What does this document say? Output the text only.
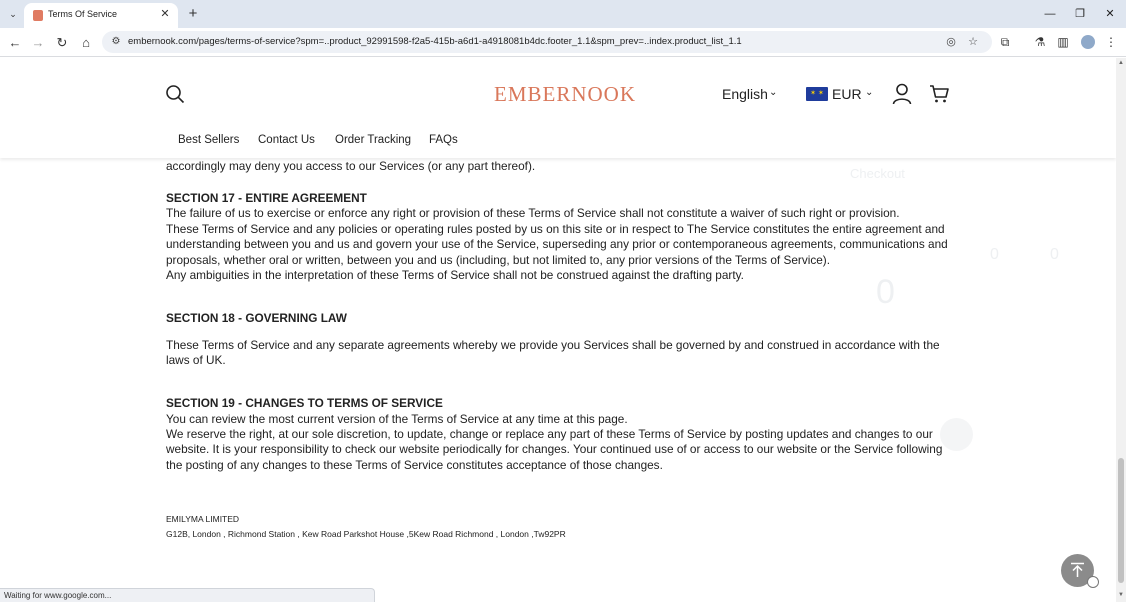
⌄	Terms Of Service	✕	+	—	❐	✕
← → ↻	⌂	⚙ embernook.com/pages/terms-of-service?spm=..product_92991598-f2a5-415b-a6d1-a4918081b4dc.footer_1.1&spm_prev=..index.product_list_1.1	◎ ☆	⧉	⚗ ▥	⋮
0
0	0
Checkout
accordingly may deny you access to our Services (or any part thereof).
SECTION 17 - ENTIRE AGREEMENT
The failure of us to exercise or enforce any right or provision of these Terms of Service shall not constitute a waiver of such right or provision.
These Terms of Service and any policies or operating rules posted by us on this site or in respect to The Service constitutes the entire agreement and
understanding between you and us and govern your use of the Service, superseding any prior or contemporaneous agreements, communications and
proposals, whether oral or written, between you and us (including, but not limited to, any prior versions of the Terms of Service).
Any ambiguities in the interpretation of these Terms of Service shall not be construed against the drafting party.
SECTION 18 - GOVERNING LAW
These Terms of Service and any separate agreements whereby we provide you Services shall be governed by and construed in accordance with the
laws of UK.
SECTION 19 - CHANGES TO TERMS OF SERVICE
You can review the most current version of the Terms of Service at any time at this page.
We reserve the right, at our sole discretion, to update, change or replace any part of these Terms of Service by posting updates and changes to our
website. It is your responsibility to check our website periodically for changes. Your continued use of or access to our website or the Service following
the posting of any changes to these Terms of Service constitutes acceptance of those changes.
EMILYMA LIMITED
G12B, London , Richmond Station , Kew Road Parkshot House ,5Kew Road Richmond , London ,Tw92PR
EMBERNOOK	English ⌄	✶ ✶ EUR ⌄
Best Sellers Contact Us Order Tracking FAQs
▲
▼
Waiting for www.google.com...
